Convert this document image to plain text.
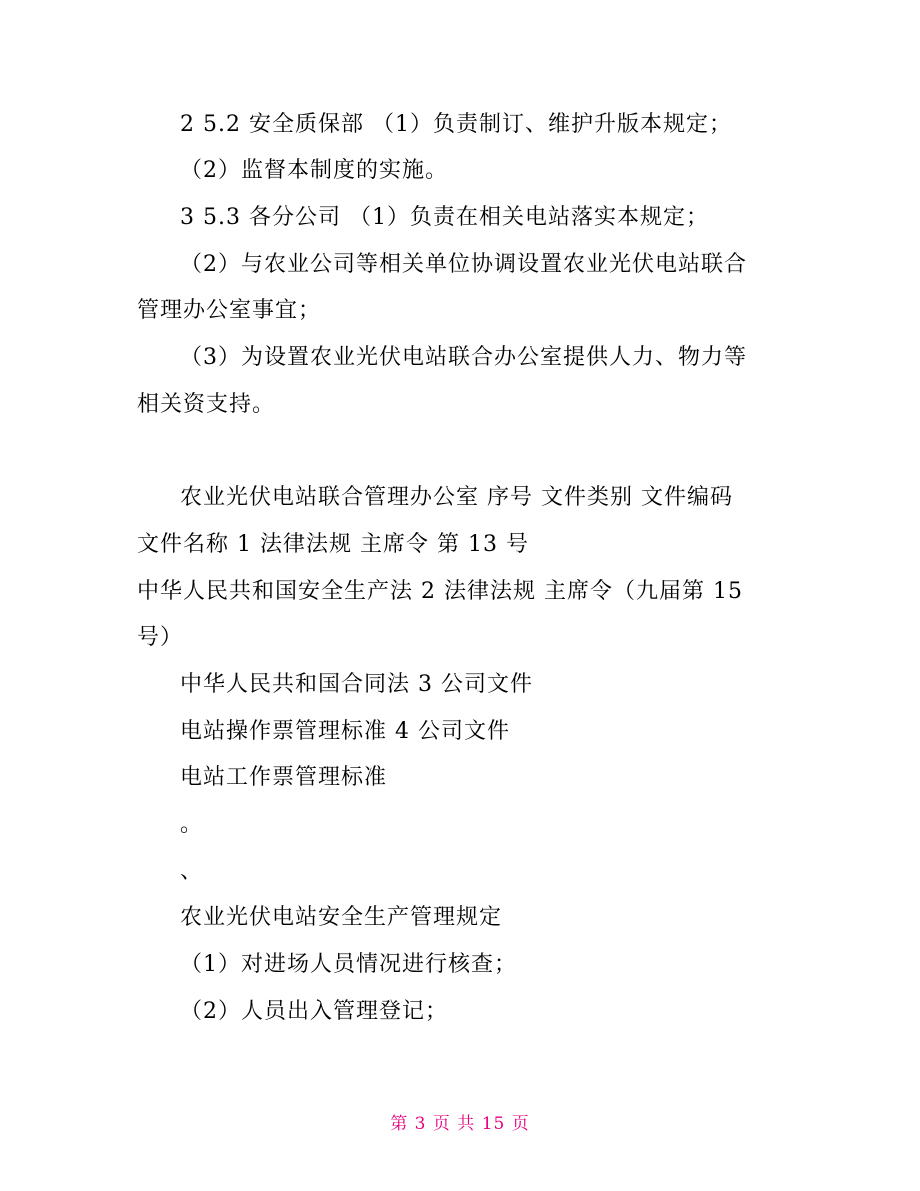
2 5.2 安全质保部 （1）负责制订、维护升版本规定；
（2）监督本制度的实施。
3 5.3 各分公司 （1）负责在相关电站落实本规定；
（2）与农业公司等相关单位协调设置农业光伏电站联合
管理办公室事宜；
（3）为设置农业光伏电站联合办公室提供人力、物力等
相关资支持。
农业光伏电站联合管理办公室 序号 文件类别 文件编码
文件名称 1 法律法规 主席令 第 13 号
中华人民共和国安全生产法 2 法律法规 主席令（九届第 15
号）
中华人民共和国合同法 3 公司文件
电站操作票管理标准 4 公司文件
电站工作票管理标准
。
、
农业光伏电站安全生产管理规定
（1）对进场人员情况进行核查；
（2）人员出入管理登记；
第 3 页 共 15 页
